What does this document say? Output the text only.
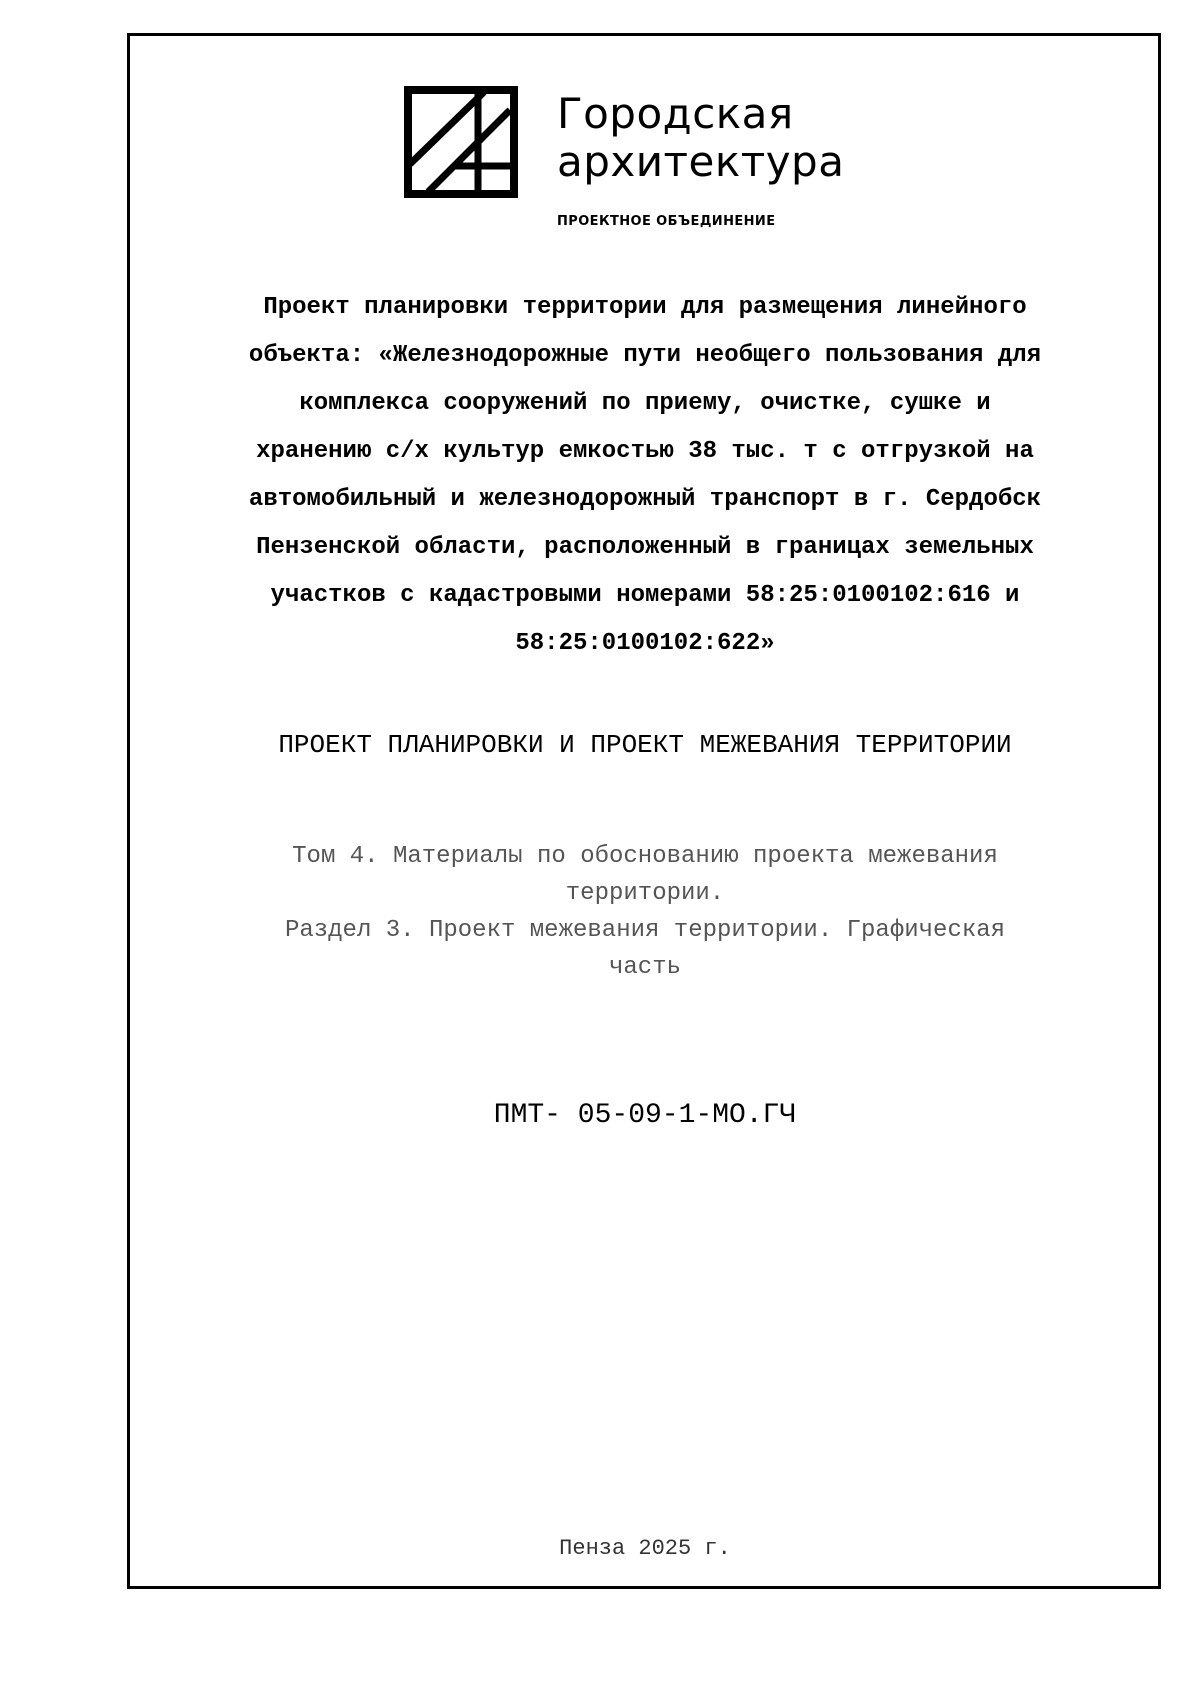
Городская
архитектура
ПРОЕКТНОЕ ОБЪЕДИНЕНИЕ
Проект планировки территории для размещения линейного
объекта: «Железнодорожные пути необщего пользования для
комплекса сооружений по приему, очистке, сушке и
хранению с/х культур емкостью 38 тыс. т с отгрузкой на
автомобильный и железнодорожный транспорт в г. Сердобск
Пензенской области, расположенный в границах земельных
участков с кадастровыми номерами 58:25:0100102:616 и
58:25:0100102:622»
ПРОЕКТ ПЛАНИРОВКИ И ПРОЕКТ МЕЖЕВАНИЯ ТЕРРИТОРИИ
Том 4. Материалы по обоснованию проекта межевания
территории.
Раздел 3. Проект межевания территории. Графическая
часть
ПМТ- 05-09-1-МО.ГЧ
Пенза 2025 г.
